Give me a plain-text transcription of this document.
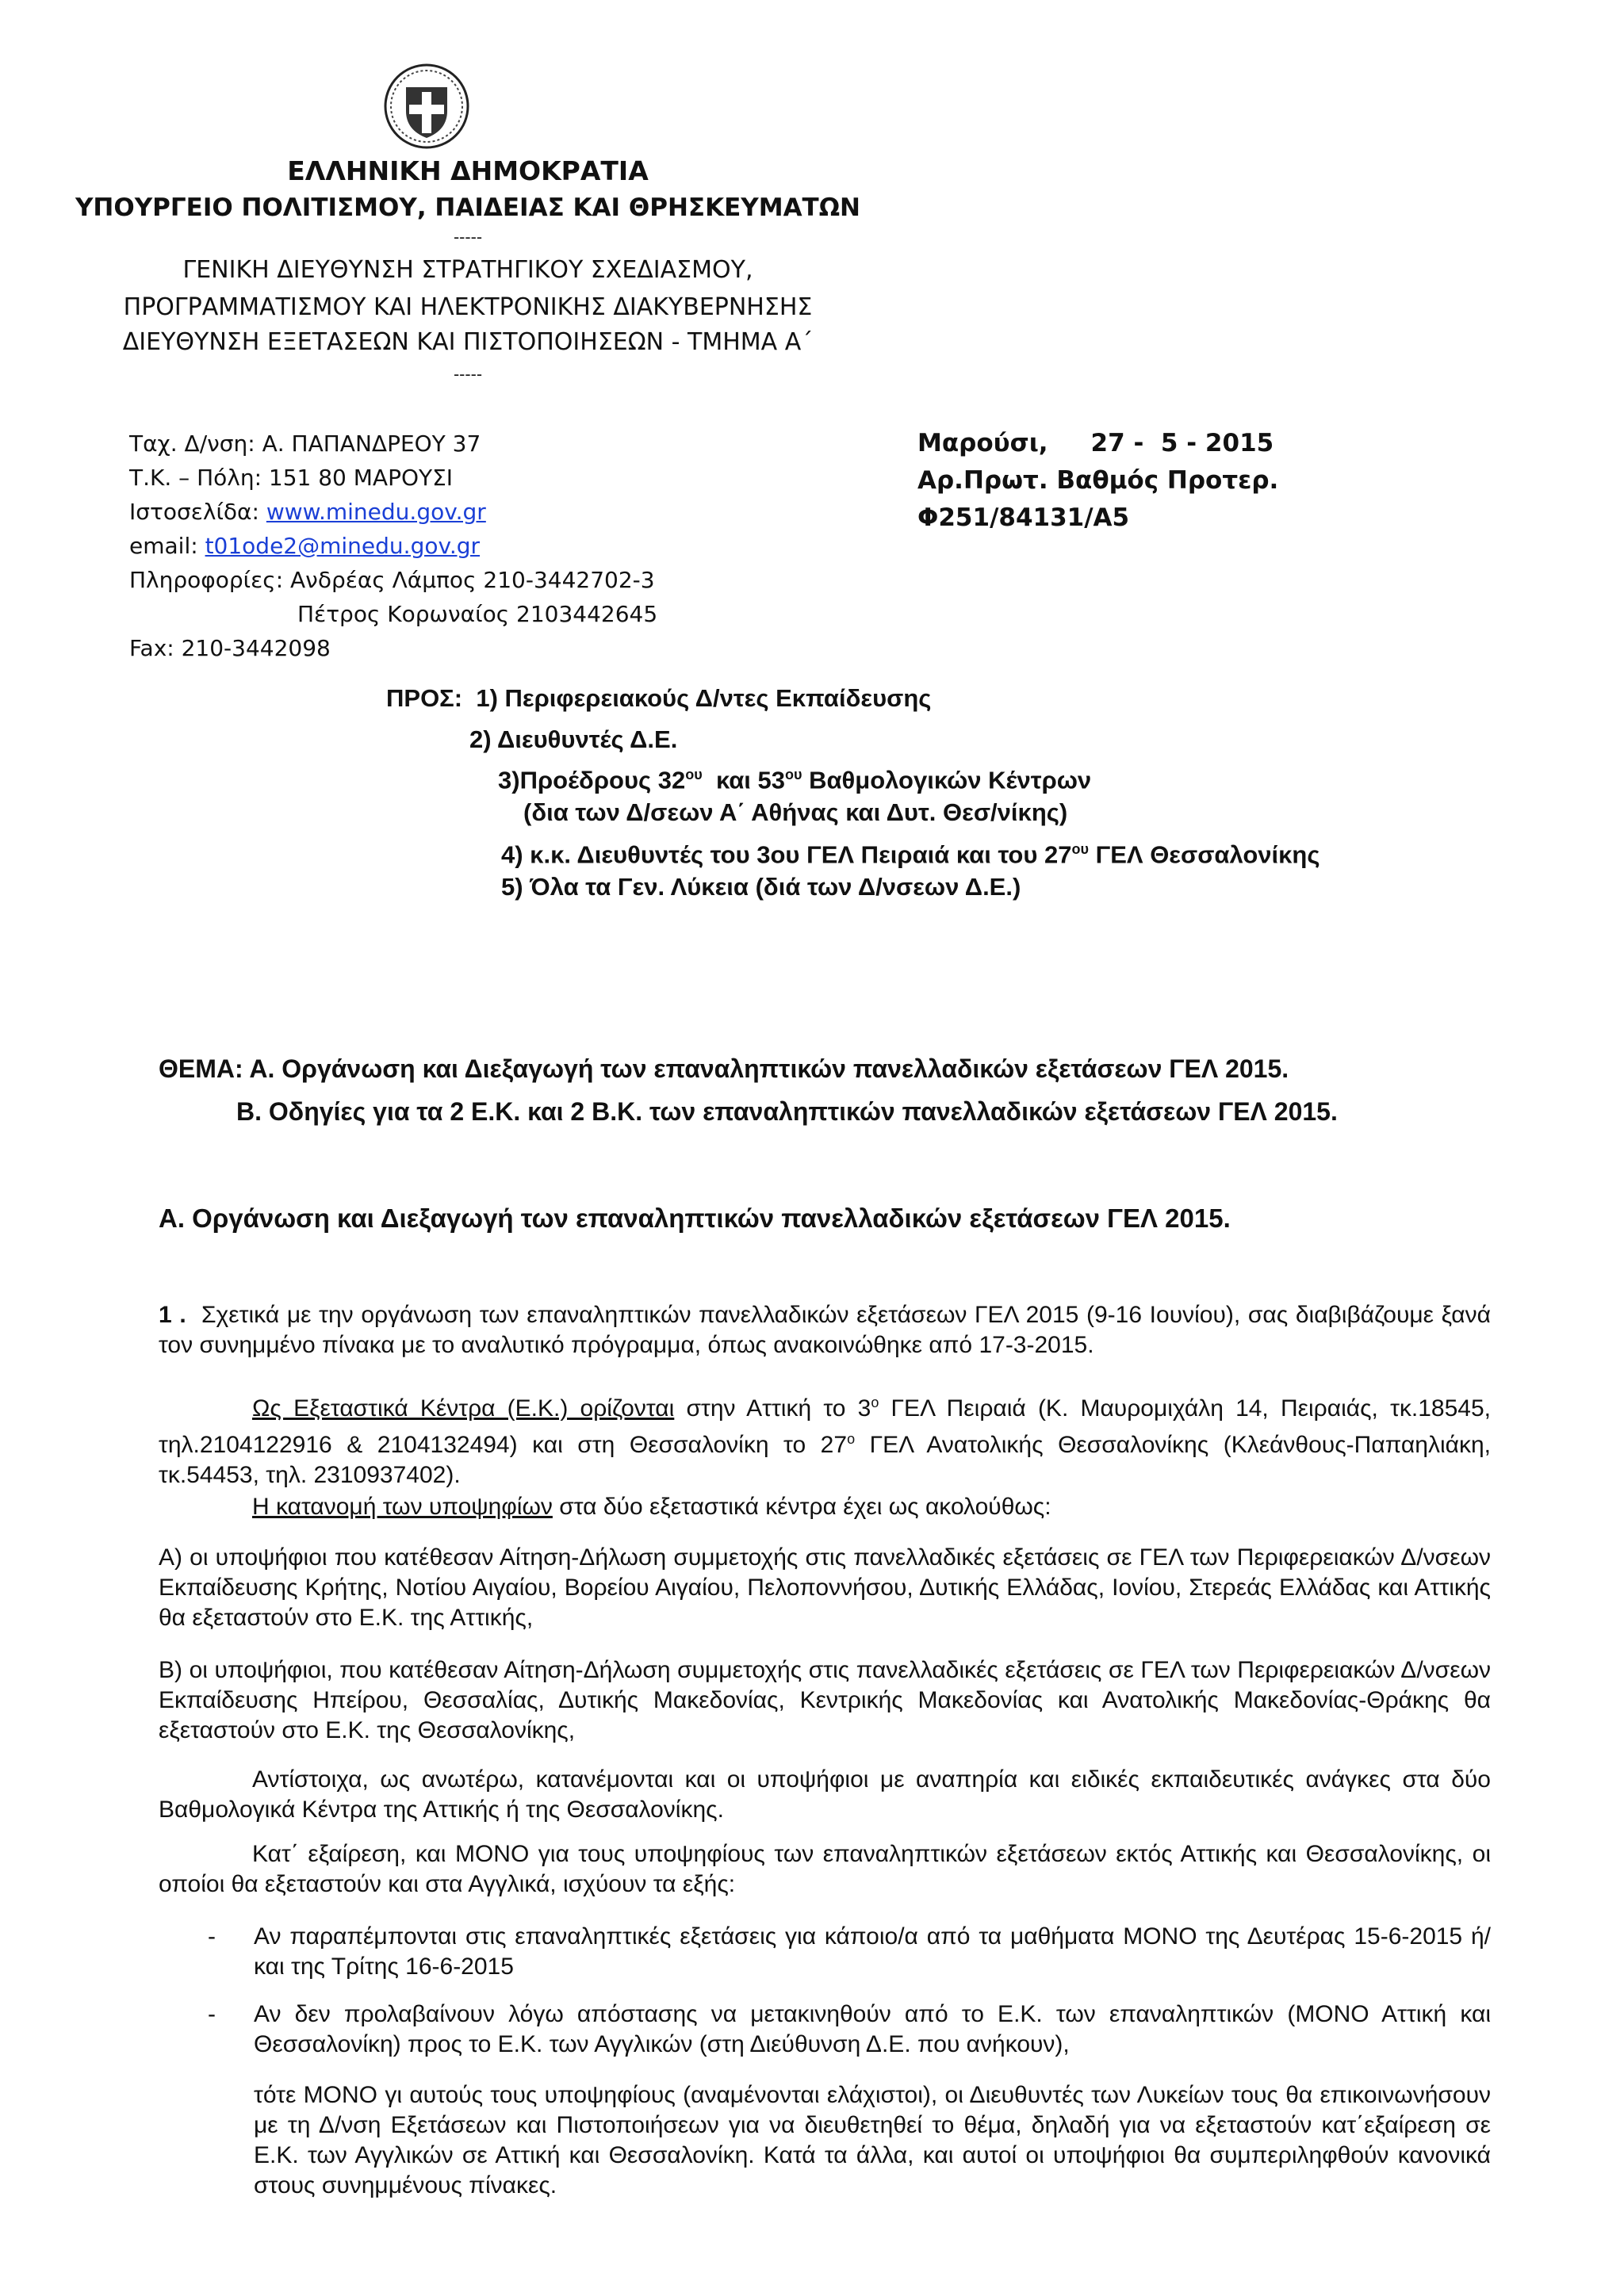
ΕΛΛΗΝΙΚΗ ΔΗΜΟΚΡΑΤΙΑ
ΥΠΟΥΡΓΕΙΟ ΠΟΛΙΤΙΣΜΟΥ, ΠΑΙΔΕΙΑΣ ΚΑΙ ΘΡΗΣΚΕΥΜΑΤΩΝ
-----
ΓΕΝΙΚΗ ΔΙΕΥΘΥΝΣΗ ΣΤΡΑΤΗΓΙΚΟΥ ΣΧΕΔΙΑΣΜΟΥ,
ΠΡΟΓΡΑΜΜΑΤΙΣΜΟΥ ΚΑΙ ΗΛΕΚΤΡΟΝΙΚΗΣ ΔΙΑΚΥΒΕΡΝΗΣΗΣ
ΔΙΕΥΘΥΝΣΗ ΕΞΕΤΑΣΕΩΝ ΚΑΙ ΠΙΣΤΟΠΟΙΗΣΕΩΝ - ΤΜΗΜΑ Α΄
-----
Ταχ. Δ/νση: Α. ΠΑΠΑΝΔΡΕΟΥ 37
Τ.Κ. – Πόλη: 151 80 ΜΑΡΟΥΣΙ
Ιστοσελίδα: www.minedu.gov.gr
email: t01ode2@minedu.gov.gr
Πληροφορίες: Ανδρέας Λάμπος 210-3442702-3
Πέτρος Κορωναίος 2103442645
Fax: 210-3442098
Μαρούσι,     27 -  5 - 2015
Αρ.Πρωτ. Βαθμός Προτερ.
Φ251/84131/Α5
ΠΡΟΣ: 1) Περιφερειακούς Δ/ντες Εκπαίδευσης
2) Διευθυντές Δ.Ε.
3)Προέδρους $32^{o\upsilon}$  και $53^{o\upsilon}$ Βαθμολογικών Κέντρων
(δια των Δ/σεων Α΄ Αθήνας και Δυτ. Θεσ/νίκης)
4) κ.κ. Διευθυντές του 3ου ΓΕΛ Πειραιά και του $27^{o\upsilon}$ ΓΕΛ Θεσσαλονίκης
5) Όλα τα Γεν. Λύκεια (διά των Δ/νσεων Δ.Ε.)
ΘΕΜΑ: Α. Οργάνωση και Διεξαγωγή των επαναληπτικών πανελλαδικών εξετάσεων ΓΕΛ 2015.
Β. Οδηγίες για τα 2 Ε.Κ. και 2 Β.Κ. των επαναληπτικών πανελλαδικών εξετάσεων ΓΕΛ 2015.
Α. Οργάνωση και Διεξαγωγή των επαναληπτικών πανελλαδικών εξετάσεων ΓΕΛ 2015.
1 .  Σχετικά με την οργάνωση των επαναληπτικών πανελλαδικών εξετάσεων ΓΕΛ 2015 (9-16 Ιουνίου), σας διαβιβάζουμε ξανά τον συνημμένο πίνακα με το αναλυτικό πρόγραμμα, όπως ανακοινώθηκε από 17-3-2015.
Ως Εξεταστικά Κέντρα (Ε.Κ.) ορίζονται στην Αττική το $3^o$ ΓΕΛ Πειραιά (Κ. Μαυρομιχάλη 14, Πειραιάς, τκ.18545, τηλ.2104122916 & 2104132494) και στη Θεσσαλονίκη το $27^o$ ΓΕΛ Ανατολικής Θεσσαλονίκης (Κλεάνθους-Παπαηλιάκη, τκ.54453, τηλ. 2310937402).
Η κατανομή των υποψηφίων στα δύο εξεταστικά κέντρα έχει ως ακολούθως:
Α) οι υποψήφιοι που κατέθεσαν Αίτηση-Δήλωση συμμετοχής στις πανελλαδικές εξετάσεις σε ΓΕΛ των Περιφερειακών Δ/νσεων Εκπαίδευσης Κρήτης, Νοτίου Αιγαίου, Βορείου Αιγαίου, Πελοποννήσου, Δυτικής Ελλάδας, Ιονίου, Στερεάς Ελλάδας και Αττικής θα εξεταστούν στο Ε.Κ. της Αττικής,
Β) οι υποψήφιοι, που κατέθεσαν Αίτηση-Δήλωση συμμετοχής στις πανελλαδικές εξετάσεις σε ΓΕΛ των Περιφερειακών Δ/νσεων Εκπαίδευσης Ηπείρου, Θεσσαλίας, Δυτικής Μακεδονίας, Κεντρικής Μακεδονίας και Ανατολικής Μακεδονίας-Θράκης θα εξεταστούν στο Ε.Κ. της Θεσσαλονίκης,
Αντίστοιχα, ως ανωτέρω, κατανέμονται και οι υποψήφιοι με αναπηρία και ειδικές εκπαιδευτικές ανάγκες στα δύο Βαθμολογικά Κέντρα της Αττικής ή της Θεσσαλονίκης.
Κατ΄ εξαίρεση, και ΜΟΝΟ για τους υποψηφίους των επαναληπτικών εξετάσεων εκτός Αττικής και Θεσσαλονίκης, οι οποίοι θα εξεταστούν και στα Αγγλικά, ισχύουν τα εξής:
- Αν παραπέμπονται στις επαναληπτικές εξετάσεις για κάποιο/α από τα μαθήματα ΜΟΝΟ της Δευτέρας 15-6-2015 ή/και της Τρίτης 16-6-2015
- Αν δεν προλαβαίνουν λόγω απόστασης να μετακινηθούν από το Ε.Κ. των επαναληπτικών (ΜΟΝΟ Αττική και Θεσσαλονίκη) προς το Ε.Κ. των Αγγλικών (στη Διεύθυνση Δ.Ε. που ανήκουν),
τότε ΜΟΝΟ γι αυτούς τους υποψηφίους (αναμένονται ελάχιστοι), οι Διευθυντές των Λυκείων τους θα επικοινωνήσουν με τη Δ/νση Εξετάσεων και Πιστοποιήσεων για να διευθετηθεί το θέμα, δηλαδή για να εξεταστούν κατ΄εξαίρεση σε Ε.Κ. των Αγγλικών σε Αττική και Θεσσαλονίκη. Κατά τα άλλα, και αυτοί οι υποψήφιοι θα συμπεριληφθούν κανονικά στους συνημμένους πίνακες.
